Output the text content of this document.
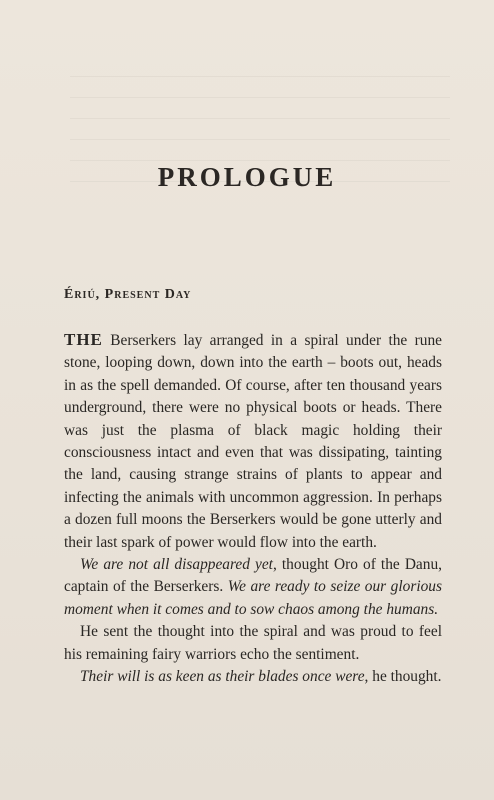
PROLOGUE
Ériú, Present Day

THE Berserkers lay arranged in a spiral under the rune stone, looping down, down into the earth – boots out, heads in as the spell demanded. Of course, after ten thousand years underground, there were no physical boots or heads. There was just the plasma of black magic holding their consciousness intact and even that was dissipating, tainting the land, causing strange strains of plants to appear and infecting the animals with uncommon aggression. In perhaps a dozen full moons the Berserkers would be gone utterly and their last spark of power would flow into the earth.

We are not all disappeared yet, thought Oro of the Danu, captain of the Berserkers. We are ready to seize our glorious moment when it comes and to sow chaos among the humans.

He sent the thought into the spiral and was proud to feel his remaining fairy warriors echo the sentiment.

Their will is as keen as their blades once were, he thought.
